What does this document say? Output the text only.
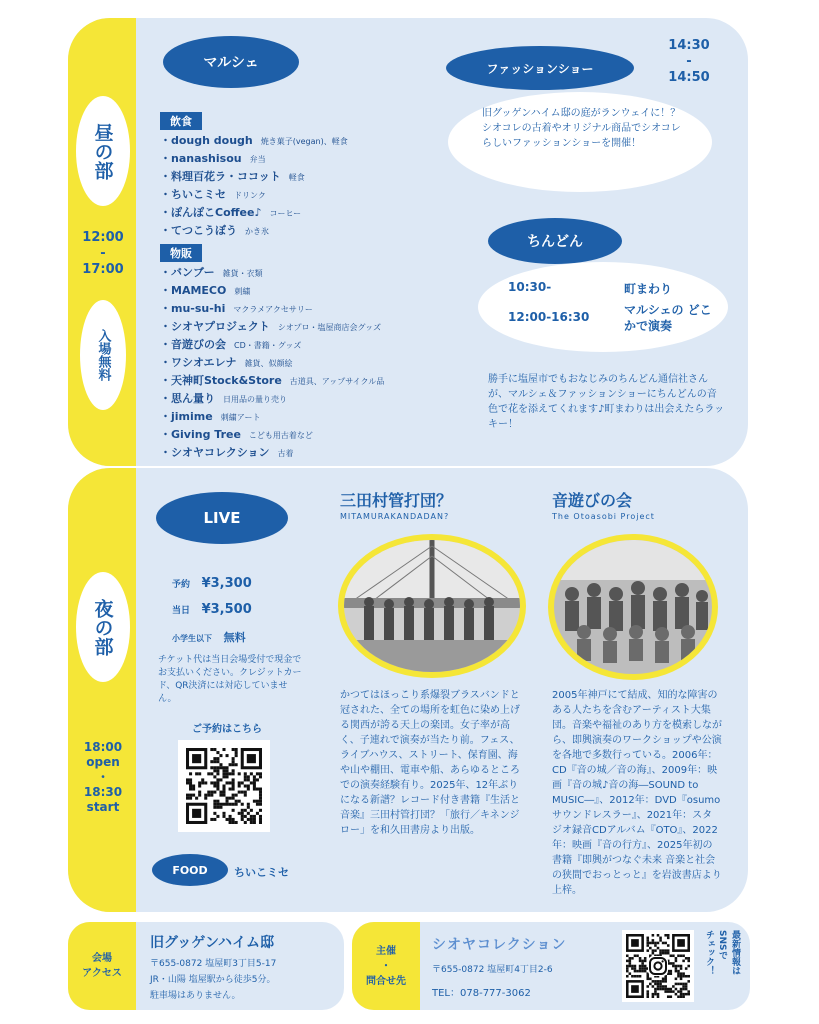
昼の部
12:00
-
17:00
入場無料
マルシェ
飲食
・dough dough 焼き菓子(vegan)、軽食
・nanashisou 弁当
・料理百花ラ・ココット 軽食
・ちいこミセ ドリンク
・ぽんぽこCoffee♪ コーヒー
・てつこうぼう かき氷
物販
・バンブー 雑貨・衣類
・MAMECO 刺繍
・mu-su-hi マクラメアクセサリー
・シオヤプロジェクト シオプロ・塩屋商店会グッズ
・音遊びの会 CD・書籍・グッズ
・ワシオエレナ 雑貨、似顔絵
・天神町Stock&Store 古道具、アップサイクル品
・思ん量り 日用品の量り売り
・jimime 刺繍アート
・Giving Tree こども用古着など
・シオヤコレクション 古着
ファッションショー
14:30
-
14:50
旧グッゲンハイム邸の庭がランウェイに！？シオコレの古着やオリジナル商品でシオコレらしいファッションショーを開催！
ちんどん
10:30-	町まわり
12:00-16:30	マルシェの どこかで演奏
勝手に塩屋市でもおなじみのちんどん通信社さんが、マルシェ＆ファッションショーにちんどんの音色で花を添えてくれます♪町まわりは出会えたらラッキー！
夜の部
18:00
open
・
18:30
start
LIVE
予約 ¥3,300
当日 ¥3,500
小学生以下 無料
チケット代は当日会場受付で現金でお支払いください。クレジットカード、QR決済には対応していません。
ご予約はこちら
FOOD ちいこミセ
三田村管打団？
MITAMURAKANDADAN?
かつてはほっこり系爆裂ブラスバンドと冠された、全ての場所を虹色に染め上げる関西が誇る天上の楽団。女子率が高く、子連れで演奏が当たり前。フェス、ライブハウス、ストリート、保育園、海や山や棚田、電車や船、あらゆるところでの演奏経験有り。2025年、12年ぶりになる新譜？レコード付き書籍『生活と音楽』三田村管打団？「旅行／キネンジロー」を和久田書房より出版。
音遊びの会
The Otoasobi Project
2005年神戸にて結成、知的な障害のある人たちを含むアーティスト大集団。音楽や福祉のあり方を模索しながら、即興演奏のワークショップや公演を各地で多数行っている。2006年：CD『音の城／音の海』、2009年：映画『音の城♪音の海―SOUND to MUSIC―』、2012年：DVD『osumo サウンドレスラー』、2021年：スタジオ録音CDアルバム『OTO』、2022年：映画『音の行方』、2025年初の書籍『即興がつなぐ未来 音楽と社会の狭間でおっとっと』を岩波書店より上梓。
会場
アクセス
旧グッゲンハイム邸
〒655-0872 塩屋町3丁目5-17
JR・山陽 塩屋駅から徒歩5分。
駐車場はありません。
主催
・
問合せ先
シオヤコレクション
〒655-0872 塩屋町4丁目2-6
TEL：078-777-3062
最新情報は
SNSで
チェック！
